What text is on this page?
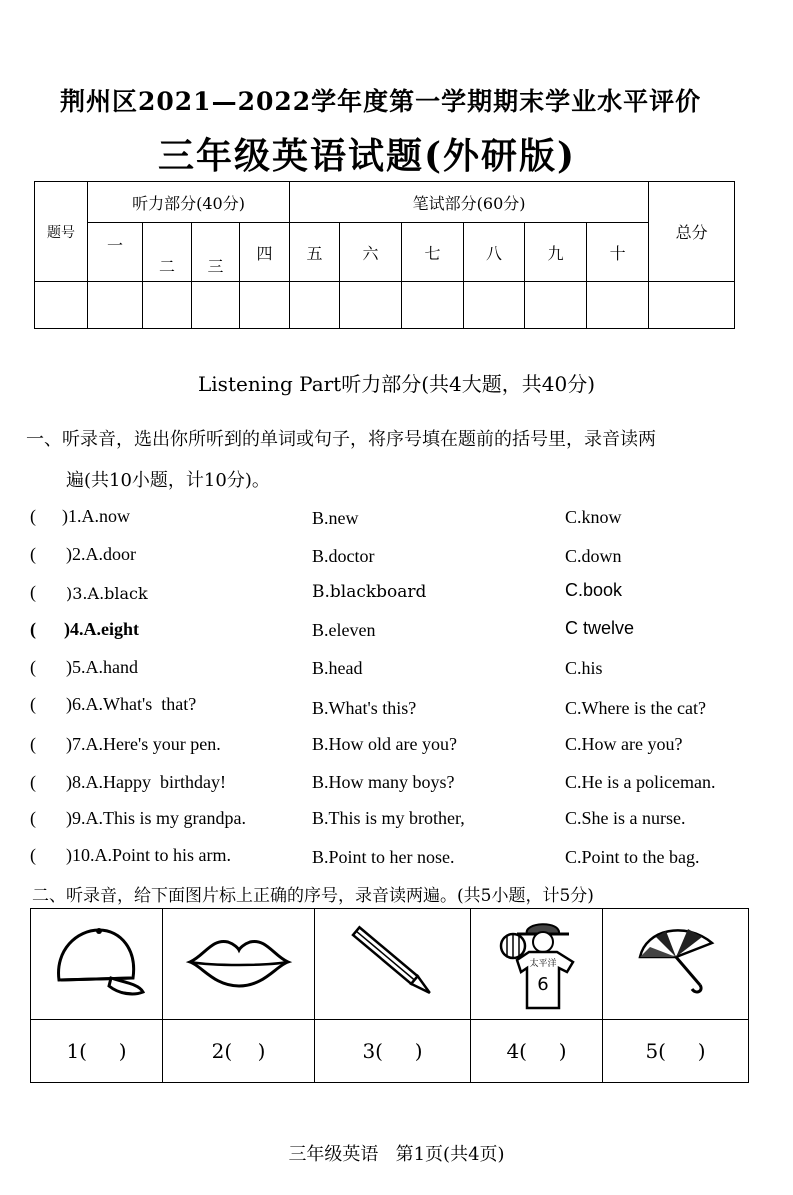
荆州区2021—2022学年度第一学期期末学业水平评价
三年级英语试题(外研版)
题号	听力部分(40分)				笔试部分(60分)						总分
	一	二	三	四	五	六	七	八	九	十	

Listening Part听力部分(共4大题，共40分)
一、听录音，选出你所听到的单词或句子，将序号填在题前的括号里，录音读两
遍(共10小题，计10分)。
( )1.A.now	B.new	C.know
( )2.A.door	B.doctor	C.down
( )3.A.black	B.blackboard	C.book
( )4.A.eight	B.eleven	C twelve
( )5.A.hand	B.head	C.his
( )6.A.What's  that?	B.What's this?	C.Where is the cat?
( )7.A.Here's your pen.	B.How old are you?	C.How are you?
( )8.A.Happy  birthday!	B.How many boys?	C.He is a policeman.
( )9.A.This is my grandpa.	B.This is my brother,	C.She is a nurse.
( )10.A.Point to his arm.	B.Point to her nose.	C.Point to the bag.
二、听录音，给下面图片标上正确的序号，录音读两遍。(共5小题，计5分)

太平洋
6

1(     )	2(    )	3(     )	4(     )	5(     )
三年级英语   第1页(共4页)
